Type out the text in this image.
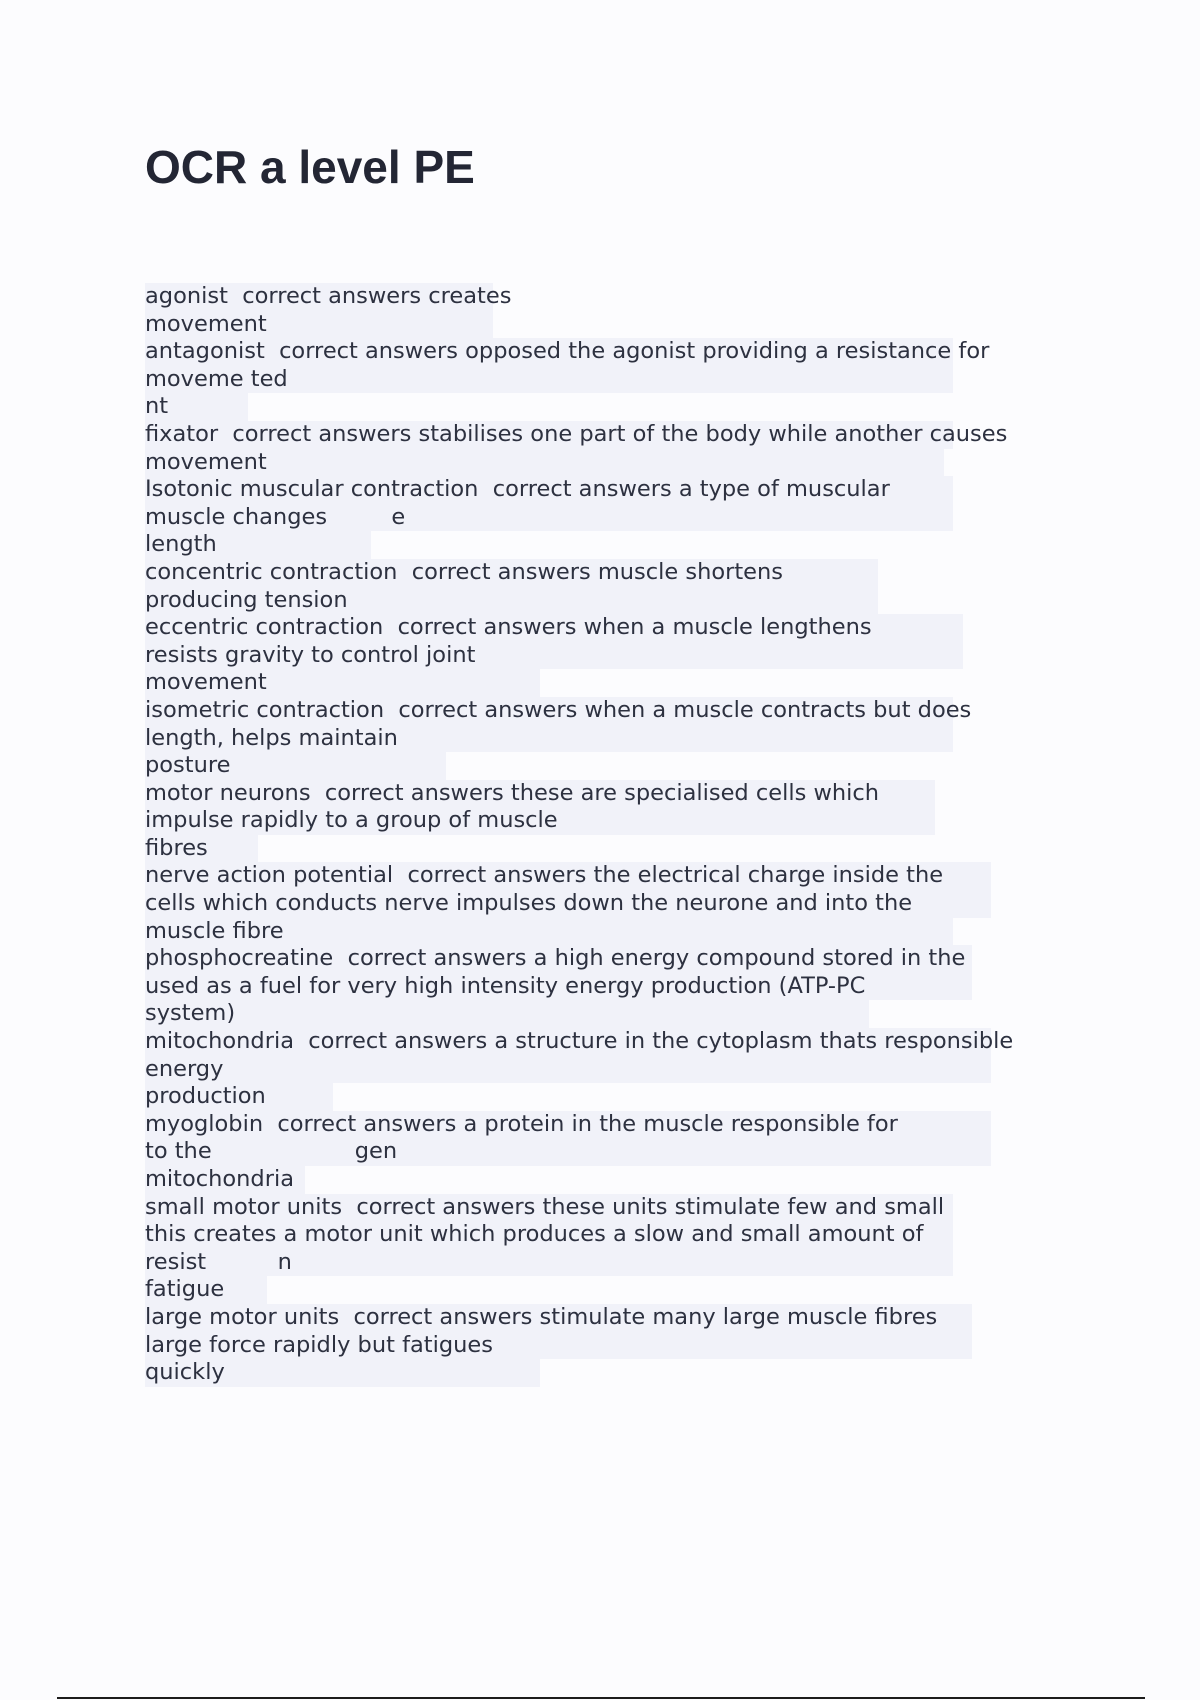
OCR a level PE
agonist  correct answers creates
movement
antagonist  correct answers opposed the agonist providing a resistance for
moveme ted
nt
fixator  correct answers stabilises one part of the body while another causes
movement
Isotonic muscular contraction  correct answers a type of muscular
muscle changes         e
length
concentric contraction  correct answers muscle shortens
producing tension
eccentric contraction  correct answers when a muscle lengthens
resists gravity to control joint
movement
isometric contraction  correct answers when a muscle contracts but does
length, helps maintain
posture
motor neurons  correct answers these are specialised cells which
impulse rapidly to a group of muscle
fibres
nerve action potential  correct answers the electrical charge inside the
cells which conducts nerve impulses down the neurone and into the
muscle fibre
phosphocreatine  correct answers a high energy compound stored in the
used as a fuel for very high intensity energy production (ATP-PC
system)
mitochondria  correct answers a structure in the cytoplasm thats responsible
energy
production
myoglobin  correct answers a protein in the muscle responsible for
to the                    gen
mitochondria
small motor units  correct answers these units stimulate few and small
this creates a motor unit which produces a slow and small amount of
resist          n
fatigue
large motor units  correct answers stimulate many large muscle fibres
large force rapidly but fatigues
quickly
